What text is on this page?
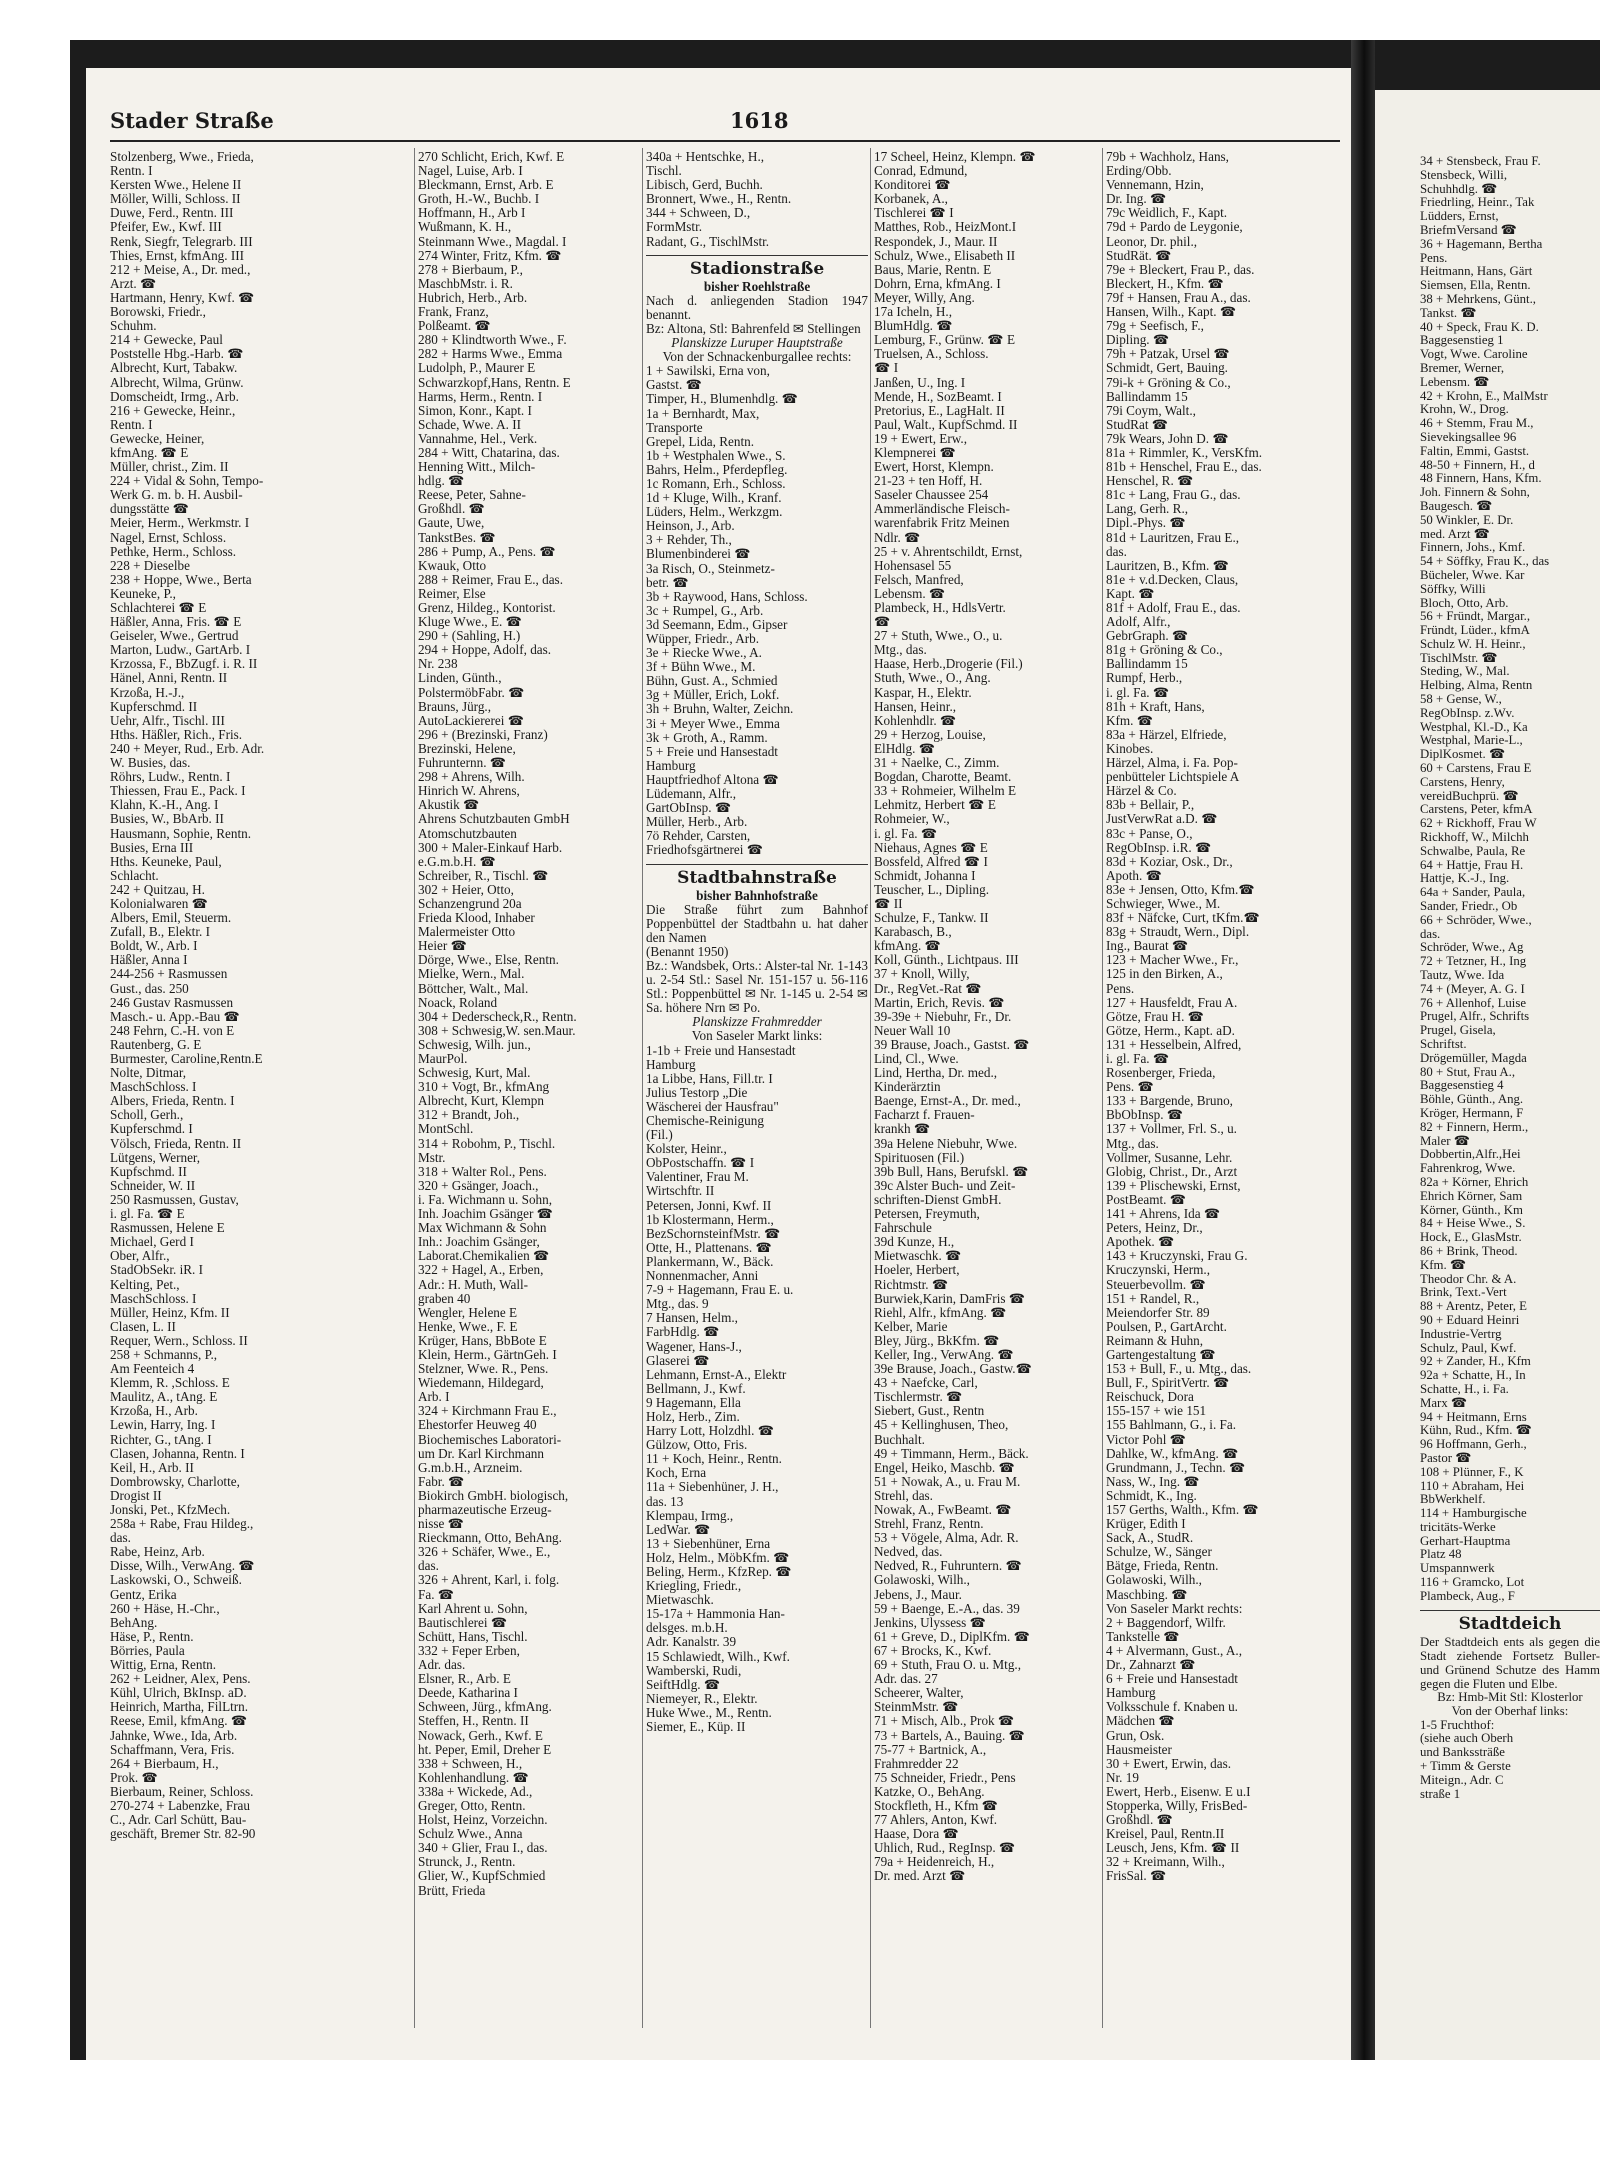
Stader Straße	1618
Stolzenberg, Wwe., Frieda,
Rentn. I
Kersten Wwe., Helene II
Möller, Willi, Schloss. II
Duwe, Ferd., Rentn. III
Pfeifer, Ew., Kwf. III
Renk, Siegfr, Telegrarb. III
Thies, Ernst, kfmAng. III
212 + Meise, A., Dr. med.,
Arzt. ☎
Hartmann, Henry, Kwf. ☎
Borowski, Friedr.,
Schuhm.
214 + Gewecke, Paul
Poststelle Hbg.-Harb. ☎
Albrecht, Kurt, Tabakw.
Albrecht, Wilma, Grünw.
Domscheidt, Irmg., Arb.
216 + Gewecke, Heinr.,
Rentn. I
Gewecke, Heiner,
kfmAng. ☎ E
Müller, christ., Zim. II
224 + Vidal & Sohn, Tempo-
Werk G. m. b. H. Ausbil-
dungsstätte ☎
Meier, Herm., Werkmstr. I
Nagel, Ernst, Schloss.
Pethke, Herm., Schloss.
228 + Dieselbe
238 + Hoppe, Wwe., Berta
Keuneke, P.,
Schlachterei ☎ E
Häßler, Anna, Fris. ☎ E
Geiseler, Wwe., Gertrud
Marton, Ludw., GartArb. I
Krzossa, F., BbZugf. i. R. II
Hänel, Anni, Rentn. II
Krzoßa, H.-J.,
Kupferschmd. II
Uehr, Alfr., Tischl. III
Hths. Häßler, Rich., Fris.
240 + Meyer, Rud., Erb. Adr.
W. Busies, das.
Röhrs, Ludw., Rentn. I
Thiessen, Frau E., Pack. I
Klahn, K.-H., Ang. I
Busies, W., BbArb. II
Hausmann, Sophie, Rentn.
Busies, Erna III
Hths. Keuneke, Paul,
Schlacht.
242 + Quitzau, H.
Kolonialwaren ☎
Albers, Emil, Steuerm.
Zufall, B., Elektr. I
Boldt, W., Arb. I
Häßler, Anna I
244-256 + Rasmussen
Gust., das. 250
246 Gustav Rasmussen
Masch.- u. App.-Bau ☎
248 Fehrn, C.-H. von E
Rautenberg, G. E
Burmester, Caroline,Rentn.E
Nolte, Ditmar,
MaschSchloss. I
Albers, Frieda, Rentn. I
Scholl, Gerh.,
Kupferschmd. I
Völsch, Frieda, Rentn. II
Lütgens, Werner,
Kupfschmd. II
Schneider, W. II
250 Rasmussen, Gustav,
i. gl. Fa. ☎ E
Rasmussen, Helene E
Michael, Gerd I
Ober, Alfr.,
StadObSekr. iR. I
Kelting, Pet.,
MaschSchloss. I
Müller, Heinz, Kfm. II
Clasen, L. II
Requer, Wern., Schloss. II
258 + Schmanns, P.,
Am Feenteich 4
Klemm, R. ,Schloss. E
Maulitz, A., tAng. E
Krzoßa, H., Arb.
Lewin, Harry, Ing. I
Richter, G., tAng. I
Clasen, Johanna, Rentn. I
Keil, H., Arb. II
Dombrowsky, Charlotte,
Drogist II
Jonski, Pet., KfzMech.
258a + Rabe, Frau Hildeg.,
das.
Rabe, Heinz, Arb.
Disse, Wilh., VerwAng. ☎
Laskowski, O., Schweiß.
Gentz, Erika
260 + Häse, H.-Chr.,
BehAng.
Häse, P., Rentn.
Börries, Paula
Wittig, Erna, Rentn.
262 + Leidner, Alex, Pens.
Kühl, Ulrich, BkInsp. aD.
Heinrich, Martha, FilLtrn.
Reese, Emil, kfmAng. ☎
Jahnke, Wwe., Ida, Arb.
Schaffmann, Vera, Fris.
264 + Bierbaum, H.,
Prok. ☎
Bierbaum, Reiner, Schloss.
270-274 + Labenzke, Frau
C., Adr. Carl Schütt, Bau-
geschäft, Bremer Str. 82-90
270 Schlicht, Erich, Kwf. E
Nagel, Luise, Arb. I
Bleckmann, Ernst, Arb. E
Groth, H.-W., Buchb. I
Hoffmann, H., Arb I
Wußmann, K. H.,
Steinmann Wwe., Magdal. I
274 Winter, Fritz, Kfm. ☎
278 + Bierbaum, P.,
MaschbMstr. i. R.
Hubrich, Herb., Arb.
Frank, Franz,
Polßeamt. ☎
280 + Klindtworth Wwe., F.
282 + Harms Wwe., Emma
Ludolph, P., Maurer E
Schwarzkopf,Hans, Rentn. E
Harms, Herm., Rentn. I
Simon, Konr., Kapt. I
Schade, Wwe. A. II
Vannahme, Hel., Verk.
284 + Witt, Chatarina, das.
Henning Witt., Milch-
hdlg. ☎
Reese, Peter, Sahne-
Großhdl. ☎
Gaute, Uwe,
TankstBes. ☎
286 + Pump, A., Pens. ☎
Kwauk, Otto
288 + Reimer, Frau E., das.
Reimer, Else
Grenz, Hildeg., Kontorist.
Kluge Wwe., E. ☎
290 + (Sahling, H.)
294 + Hoppe, Adolf, das.
Nr. 238
Linden, Günth.,
PolstermöbFabr. ☎
Brauns, Jürg.,
AutoLackiererei ☎
296 + (Brezinski, Franz)
Brezinski, Helene,
Fuhrunternn. ☎
298 + Ahrens, Wilh.
Hinrich W. Ahrens,
Akustik ☎
Ahrens Schutzbauten GmbH
Atomschutzbauten
300 + Maler-Einkauf Harb.
e.G.m.b.H. ☎
Schreiber, R., Tischl. ☎
302 + Heier, Otto,
Schanzengrund 20a
Frieda Klood, Inhaber
Malermeister Otto
Heier ☎
Dörge, Wwe., Else, Rentn.
Mielke, Wern., Mal.
Böttcher, Walt., Mal.
Noack, Roland
304 + Dederscheck,R., Rentn.
308 + Schwesig,W. sen.Maur.
Schwesig, Wilh. jun.,
MaurPol.
Schwesig, Kurt, Mal.
310 + Vogt, Br., kfmAng
Albrecht, Kurt, Klempn
312 + Brandt, Joh.,
MontSchl.
314 + Robohm, P., Tischl.
Mstr.
318 + Walter Rol., Pens.
320 + Gsänger, Joach.,
i. Fa. Wichmann u. Sohn,
Inh. Joachim Gsänger ☎
Max Wichmann & Sohn
Inh.: Joachim Gsänger,
Laborat.Chemikalien ☎
322 + Hagel, A., Erben,
Adr.: H. Muth, Wall-
graben 40
Wengler, Helene E
Henke, Wwe., F. E
Krüger, Hans, BbBote E
Klein, Herm., GärtnGeh. I
Stelzner, Wwe. R., Pens.
Wiedemann, Hildegard,
Arb. I
324 + Kirchmann Frau E.,
Ehestorfer Heuweg 40
Biochemisches Laboratori-
um Dr. Karl Kirchmann
G.m.b.H., Arzneim.
Fabr. ☎
Biokirch GmbH. biologisch,
pharmazeutische Erzeug-
nisse ☎
Rieckmann, Otto, BehAng.
326 + Schäfer, Wwe., E.,
das.
326 + Ahrent, Karl, i. folg.
Fa. ☎
Karl Ahrent u. Sohn,
Bautischlerei ☎
Schütt, Hans, Tischl.
332 + Feper Erben,
Adr. das.
Elsner, R., Arb. E
Deede, Katharina I
Schween, Jürg., kfmAng.
Steffen, H., Rentn. II
Nowack, Gerh., Kwf. E
ht. Peper, Emil, Dreher E
338 + Schween, H.,
Kohlenhandlung. ☎
338a + Wickede, Ad.,
Greger, Otto, Rentn.
Holst, Heinz, Vorzeichn.
Schulz Wwe., Anna
340 + Glier, Frau I., das.
Strunck, J., Rentn.
Glier, W., KupfSchmied
Brütt, Frieda
340a + Hentschke, H.,
Tischl.
Libisch, Gerd, Buchh.
Bronnert, Wwe., H., Rentn.
344 + Schween, D.,
FormMstr.
Radant, G., TischlMstr.
Stadionstraße
bisher Roehlstraße
Nach d. anliegenden Stadion 1947 benannt.
Bz: Altona, Stl: Bahrenfeld ✉ Stellingen
Planskizze Luruper Hauptstraße
Von der Schnackenburgallee rechts:
1 + Sawilski, Erna von,
Gastst. ☎
Timper, H., Blumenhdlg. ☎
1a + Bernhardt, Max,
Transporte
Grepel, Lida, Rentn.
1b + Westphalen Wwe., S.
Bahrs, Helm., Pferdepfleg.
1c Romann, Erh., Schloss.
1d + Kluge, Wilh., Kranf.
Lüders, Helm., Werkzgm.
Heinson, J., Arb.
3 + Rehder, Th.,
Blumenbinderei ☎
3a Risch, O., Steinmetz-
betr. ☎
3b + Raywood, Hans, Schloss.
3c + Rumpel, G., Arb.
3d Seemann, Edm., Gipser
Wüpper, Friedr., Arb.
3e + Riecke Wwe., A.
3f + Bühn Wwe., M.
Bühn, Gust. A., Schmied
3g + Müller, Erich, Lokf.
3h + Bruhn, Walter, Zeichn.
3i + Meyer Wwe., Emma
3k + Groth, A., Ramm.
5 + Freie und Hansestadt
Hamburg
Hauptfriedhof Altona ☎
Lüdemann, Alfr.,
GartObInsp. ☎
Müller, Herb., Arb.
7ö Rehder, Carsten,
Friedhofsgärtnerei ☎
Stadtbahnstraße
bisher Bahnhofstraße
Die Straße führt zum Bahnhof Poppenbüttel der Stadtbahn u. hat daher den Namen
(Benannt 1950)
Bz.: Wandsbek, Orts.: Alster-tal Nr. 1-143 u. 2-54 Stl.: Sasel Nr. 151-157 u. 56-116 Stl.: Poppenbüttel ✉ Nr. 1-145 u. 2-54 ✉ Sa. höhere Nrn ✉ Po.
Planskizze Frahmredder
Von Saseler Markt links:
1-1b + Freie und Hansestadt
Hamburg
1a Libbe, Hans, Fill.tr. I
Julius Testorp „Die
Wäscherei der Hausfrau"
Chemische-Reinigung
(Fil.)
Kolster, Heinr.,
ObPostschaffn. ☎ I
Valentiner, Frau M.
Wirtschftr. II
Petersen, Jonni, Kwf. II
1b Klostermann, Herm.,
BezSchornsteinfMstr. ☎
Otte, H., Plattenans. ☎
Plankermann, W., Bäck.
Nonnenmacher, Anni
7-9 + Hagemann, Frau E. u.
Mtg., das. 9
7 Hansen, Helm.,
FarbHdlg. ☎
Wagener, Hans-J.,
Glaserei ☎
Lehmann, Ernst-A., Elektr
Bellmann, J., Kwf.
9 Hagemann, Ella
Holz, Herb., Zim.
Harry Lott, Holzdhl. ☎
Gülzow, Otto, Fris.
11 + Koch, Heinr., Rentn.
Koch, Erna
11a + Siebenhüner, J. H.,
das. 13
Klempau, Irmg.,
LedWar. ☎
13 + Siebenhüner, Erna
Holz, Helm., MöbKfm. ☎
Beling, Herm., KfzRep. ☎
Kriegling, Friedr.,
Mietwaschk.
15-17a + Hammonia Han-
delsges. m.b.H.
Adr. Kanalstr. 39
15 Schlawiedt, Wilh., Kwf.
Wamberski, Rudi,
SeiftHdlg. ☎
Niemeyer, R., Elektr.
Huke Wwe., M., Rentn.
Siemer, E., Küp. II
17 Scheel, Heinz, Klempn. ☎
Conrad, Edmund,
Konditorei ☎
Korbanek, A.,
Tischlerei ☎ I
Matthes, Rob., HeizMont.I
Respondek, J., Maur. II
Schulz, Wwe., Elisabeth II
Baus, Marie, Rentn. E
Dohrn, Erna, kfmAng. I
Meyer, Willy, Ang.
17a Icheln, H.,
BlumHdlg. ☎
Lemburg, F., Grünw. ☎ E
Truelsen, A., Schloss.
☎ I
Janßen, U., Ing. I
Mende, H., SozBeamt. I
Pretorius, E., LagHalt. II
Paul, Walt., KupfSchmd. II
19 + Ewert, Erw.,
Klempnerei ☎
Ewert, Horst, Klempn.
21-23 + ten Hoff, H.
Saseler Chaussee 254
Ammerländische Fleisch-
warenfabrik Fritz Meinen
Ndlr. ☎
25 + v. Ahrentschildt, Ernst,
Hohensasel 55
Felsch, Manfred,
Lebensm. ☎
Plambeck, H., HdlsVertr.
☎
27 + Stuth, Wwe., O., u.
Mtg., das.
Haase, Herb.,Drogerie (Fil.)
Stuth, Wwe., O., Ang.
Kaspar, H., Elektr.
Hansen, Heinr.,
Kohlenhdlr. ☎
29 + Herzog, Louise,
ElHdlg. ☎
31 + Naelke, C., Zimm.
Bogdan, Charotte, Beamt.
33 + Rohmeier, Wilhelm E
Lehmitz, Herbert ☎ E
Rohmeier, W.,
i. gl. Fa. ☎
Niehaus, Agnes ☎ E
Bossfeld, Alfred ☎ I
Schmidt, Johanna I
Teuscher, L., Dipling.
☎ II
Schulze, F., Tankw. II
Karabasch, B.,
kfmAng. ☎
Koll, Günth., Lichtpaus. III
37 + Knoll, Willy,
Dr., RegVet.-Rat ☎
Martin, Erich, Revis. ☎
39-39e + Niebuhr, Fr., Dr.
Neuer Wall 10
39 Brause, Joach., Gastst. ☎
Lind, Cl., Wwe.
Lind, Hertha, Dr. med.,
Kinderärztin
Baenge, Ernst-A., Dr. med.,
Facharzt f. Frauen-
krankh ☎
39a Helene Niebuhr, Wwe.
Spirituosen (Fil.)
39b Bull, Hans, Berufskl. ☎
39c Alster Buch- und Zeit-
schriften-Dienst GmbH.
Petersen, Freymuth,
Fahrschule
39d Kunze, H.,
Mietwaschk. ☎
Hoeler, Herbert,
Richtmstr. ☎
Burwiek,Karin, DamFris ☎
Riehl, Alfr., kfmAng. ☎
Kelber, Marie
Bley, Jürg., BkKfm. ☎
Keller, Ing., VerwAng. ☎
39e Brause, Joach., Gastw.☎
43 + Naefcke, Carl,
Tischlermstr. ☎
Siebert, Gust., Rentn
45 + Kellinghusen, Theo,
Buchhalt.
49 + Timmann, Herm., Bäck.
Engel, Heiko, Maschb. ☎
51 + Nowak, A., u. Frau M.
Strehl, das.
Nowak, A., FwBeamt. ☎
Strehl, Franz, Rentn.
53 + Vögele, Alma, Adr. R.
Nedved, das.
Nedved, R., Fuhruntern. ☎
Golawoski, Wilh.,
Jebens, J., Maur.
59 + Baenge, E.-A., das. 39
Jenkins, Ulyssess ☎
61 + Greve, D., DiplKfm. ☎
67 + Brocks, K., Kwf.
69 + Stuth, Frau O. u. Mtg.,
Adr. das. 27
Scheerer, Walter,
SteinmMstr. ☎
71 + Misch, Alb., Prok ☎
73 + Bartels, A., Bauing. ☎
75-77 + Bartnick, A.,
Frahmredder 22
75 Schneider, Friedr., Pens
Katzke, O., BehAng.
Stockfleth, H., Kfm ☎
77 Ahlers, Anton, Kwf.
Haase, Dora ☎
Uhlich, Rud., RegInsp. ☎
79a + Heidenreich, H.,
Dr. med. Arzt ☎
79b + Wachholz, Hans,
Erding/Obb.
Vennemann, Hzin,
Dr. Ing. ☎
79c Weidlich, F., Kapt.
79d + Pardo de Leygonie,
Leonor, Dr. phil.,
StudRät. ☎
79e + Bleckert, Frau P., das.
Bleckert, H., Kfm. ☎
79f + Hansen, Frau A., das.
Hansen, Wilh., Kapt. ☎
79g + Seefisch, F.,
Dipling. ☎
79h + Patzak, Ursel ☎
Schmidt, Gert, Bauing.
79i-k + Gröning & Co.,
Ballindamm 15
79i Coym, Walt.,
StudRat ☎
79k Wears, John D. ☎
81a + Rimmler, K., VersKfm.
81b + Henschel, Frau E., das.
Henschel, R. ☎
81c + Lang, Frau G., das.
Lang, Gerh. R.,
Dipl.-Phys. ☎
81d + Lauritzen, Frau E.,
das.
Lauritzen, B., Kfm. ☎
81e + v.d.Decken, Claus,
Kapt. ☎
81f + Adolf, Frau E., das.
Adolf, Alfr.,
GebrGraph. ☎
81g + Gröning & Co.,
Ballindamm 15
Rumpf, Herb.,
i. gl. Fa. ☎
81h + Kraft, Hans,
Kfm. ☎
83a + Härzel, Elfriede,
Kinobes.
Härzel, Alma, i. Fa. Pop-
penbütteler Lichtspiele A
Härzel & Co.
83b + Bellair, P.,
JustVerwRat a.D. ☎
83c + Panse, O.,
RegObInsp. i.R. ☎
83d + Koziar, Osk., Dr.,
Apoth. ☎
83e + Jensen, Otto, Kfm.☎
Schwieger, Wwe., M.
83f + Näfcke, Curt, tKfm.☎
83g + Straudt, Wern., Dipl.
Ing., Baurat ☎
123 + Macher Wwe., Fr.,
125 in den Birken, A.,
Pens.
127 + Hausfeldt, Frau A.
Götze, Frau H. ☎
Götze, Herm., Kapt. aD.
131 + Hesselbein, Alfred,
i. gl. Fa. ☎
Rosenberger, Frieda,
Pens. ☎
133 + Bargende, Bruno,
BbObInsp. ☎
137 + Vollmer, Frl. S., u.
Mtg., das.
Vollmer, Susanne, Lehr.
Globig, Christ., Dr., Arzt
139 + Plischewski, Ernst,
PostBeamt. ☎
141 + Ahrens, Ida ☎
Peters, Heinz, Dr.,
Apothek. ☎
143 + Kruczynski, Frau G.
Kruczynski, Herm.,
Steuerbevollm. ☎
151 + Randel, R.,
Meiendorfer Str. 89
Poulsen, P., GartArcht.
Reimann & Huhn,
Gartengestaltung ☎
153 + Bull, F., u. Mtg., das.
Bull, F., SpiritVertr. ☎
Reischuck, Dora
155-157 + wie 151
155 Bahlmann, G., i. Fa.
Victor Pohl ☎
Dahlke, W., kfmAng. ☎
Grundmann, J., Techn. ☎
Nass, W., Ing. ☎
Schmidt, K., Ing.
157 Gerths, Walth., Kfm. ☎
Krüger, Edith I
Sack, A., StudR.
Schulze, W., Sänger
Bätge, Frieda, Rentn.
Golawoski, Wilh.,
Maschbing. ☎
Von Saseler Markt rechts:
2 + Baggendorf, Wilfr.
Tankstelle ☎
4 + Alvermann, Gust., A.,
Dr., Zahnarzt ☎
6 + Freie und Hansestadt
Hamburg
Volksschule f. Knaben u.
Mädchen ☎
Grun, Osk.
Hausmeister
30 + Ewert, Erwin, das.
Nr. 19
Ewert, Herb., Eisenw. E u.I
Stopperka, Willy, FrisBed-
Großhdl. ☎
Kreisel, Paul, Rentn.II
Leusch, Jens, Kfm. ☎ II
32 + Kreimann, Wilh.,
FrisSal. ☎
34 + Stensbeck, Frau F.
Stensbeck, Willi,
Schuhhdlg. ☎
Friedrling, Heinr., Tak
Lüdders, Ernst,
BriefmVersand ☎
36 + Hagemann, Bertha
Pens.
Heitmann, Hans, Gärt
Siemsen, Ella, Rentn.
38 + Mehrkens, Günt.,
Tankst. ☎
40 + Speck, Frau K. D.
Baggesenstieg 1
Vogt, Wwe. Caroline
Bremer, Werner,
Lebensm. ☎
42 + Krohn, E., MalMstr
Krohn, W., Drog.
46 + Stemm, Frau M.,
Sievekingsallee 96
Faltin, Emmi, Gastst.
48-50 + Finnern, H., d
48 Finnern, Hans, Kfm.
Joh. Finnern & Sohn,
Baugesch. ☎
50 Winkler, E. Dr.
med. Arzt ☎
Finnern, Johs., Kmf.
54 + Söffky, Frau K., das
Bücheler, Wwe. Kar
Söffky, Willi
Bloch, Otto, Arb.
56 + Fründt, Margar.,
Fründt, Lüder., kfmA
Schulz W. H. Heinr.,
TischlMstr. ☎
Steding, W., Mal.
Helbing, Alma, Rentn
58 + Gense, W.,
RegObInsp. z.Wv.
Westphal, Kl.-D., Ka
Westphal, Marie-L.,
DiplKosmet. ☎
60 + Carstens, Frau E
Carstens, Henry,
vereidBuchprü. ☎
Carstens, Peter, kfmA
62 + Rickhoff, Frau W
Rickhoff, W., Milchh
Schwalbe, Paula, Re
64 + Hattje, Frau H.
Hattje, K.-J., Ing.
64a + Sander, Paula,
Sander, Friedr., Ob
66 + Schröder, Wwe.,
das.
Schröder, Wwe., Ag
72 + Tetzner, H., Ing
Tautz, Wwe. Ida
74 + (Meyer, A. G. I
76 + Allenhof, Luise
Prugel, Alfr., Schrifts
Prugel, Gisela,
Schriftst.
Drögemüller, Magda
80 + Stut, Frau A.,
Baggesenstieg 4
Böhle, Günth., Ang.
Kröger, Hermann, F
82 + Finnern, Herm.,
Maler ☎
Dobbertin,Alfr.,Hei
Fahrenkrog, Wwe.
82a + Körner, Ehrich
Ehrich Körner, Sam
Körner, Günth., Km
84 + Heise Wwe., S.
Hock, E., GlasMstr.
86 + Brink, Theod.
Kfm. ☎
Theodor Chr. & A.
Brink, Text.-Vert
88 + Arentz, Peter, E
90 + Eduard Heinri
Industrie-Vertrg
Schulz, Paul, Kwf.
92 + Zander, H., Kfm
92a + Schatte, H., In
Schatte, H., i. Fa.
Marx ☎
94 + Heitmann, Erns
Kühn, Rud., Kfm. ☎
96 Hoffmann, Gerh.,
Pastor ☎
108 + Plünner, F., K
110 + Abraham, Hei
BbWerkhelf.
114 + Hamburgische
tricitäts-Werke
Gerhart-Hauptma
Platz 48
Umspannwerk
116 + Gramcko, Lot
Plambeck, Aug., F
Stadtdeich
Der Stadtdeich ents als gegen die Stadt ziehende Fortsetz Buller- und Grünend Schutze des Hamm gegen die Fluten und Elbe.
Bz: Hmb-Mit Stl: Klosterlor
Von der Oberhaf links:
1-5 Fruchthof:
(siehe auch Oberh
und Bankssträße
+ Timm & Gerste
Miteign., Adr. C
straße 1
